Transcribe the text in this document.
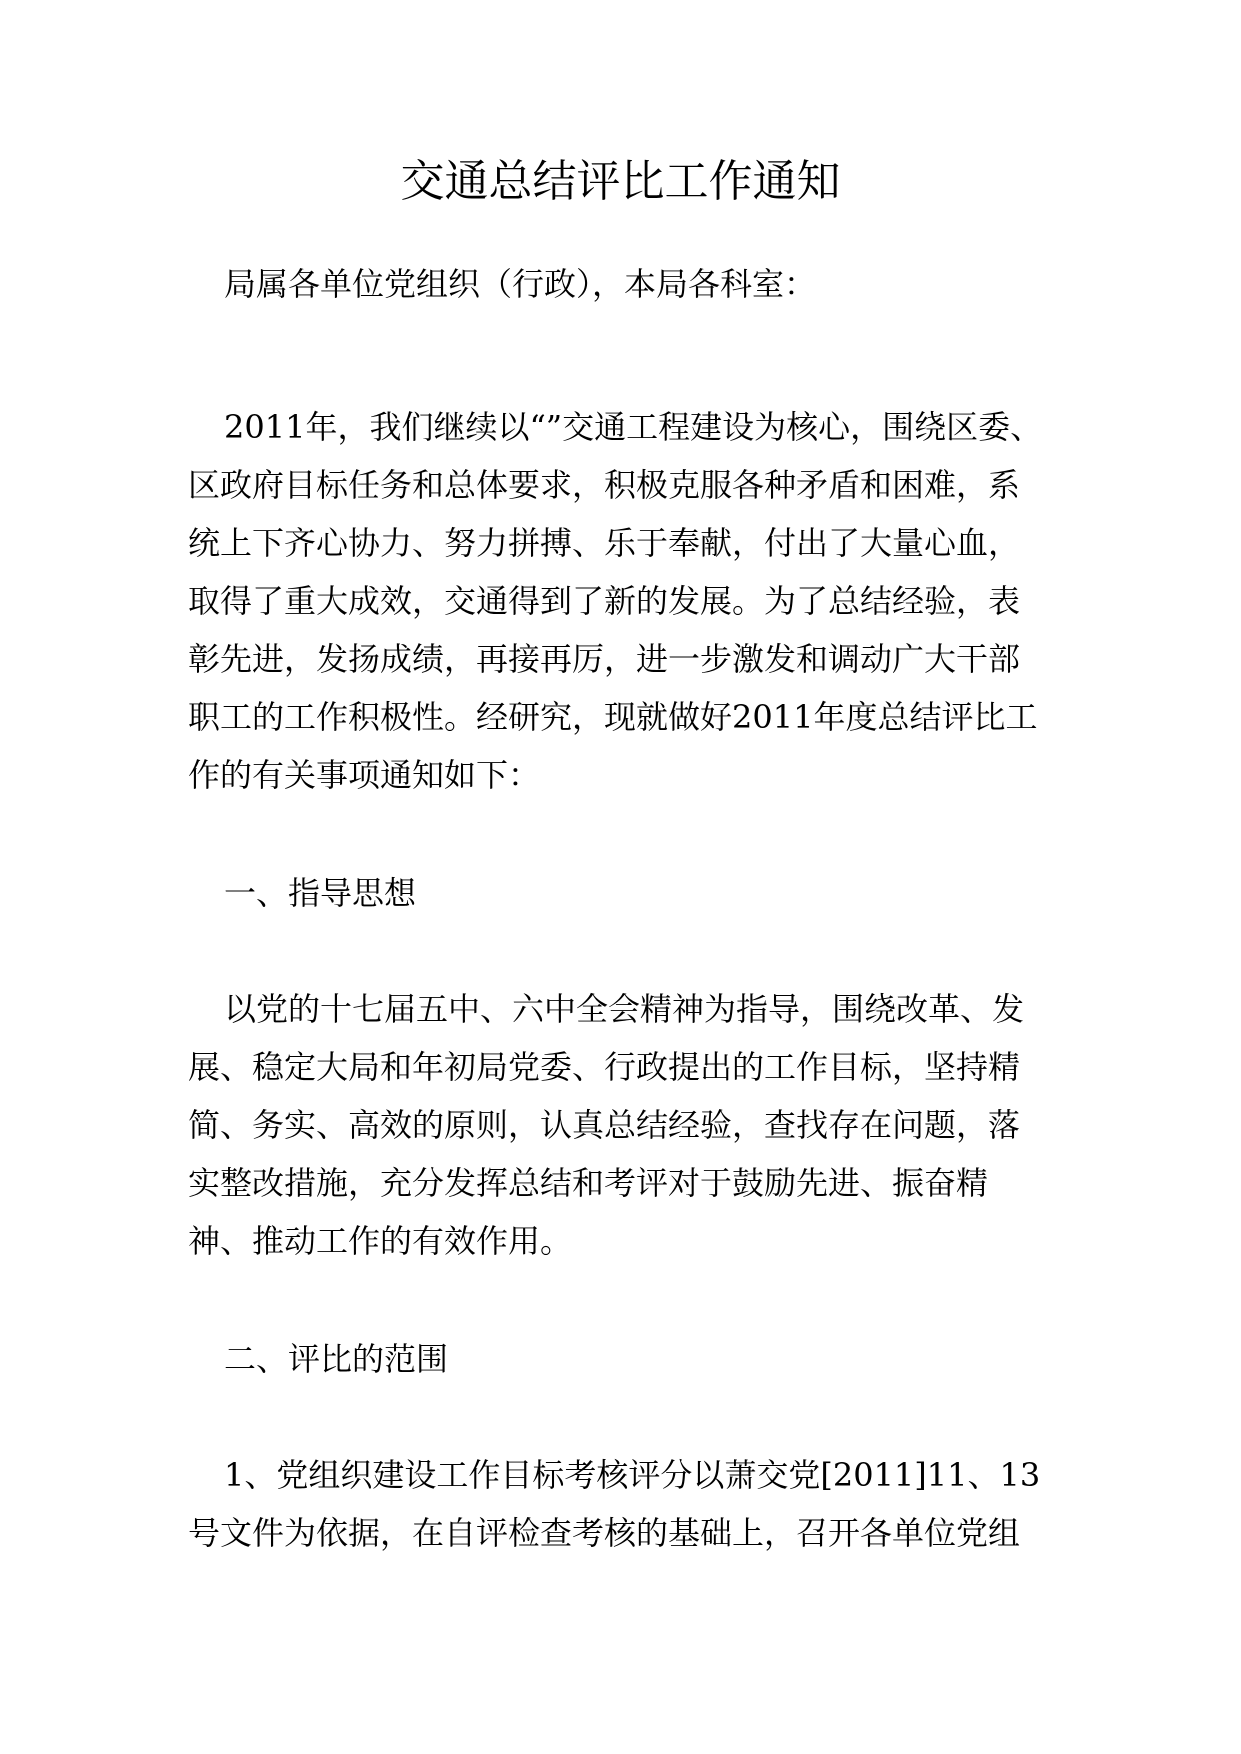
交通总结评比工作通知

局属各单位党组织（行政），本局各科室：

2011年，我们继续以“”交通工程建设为核心，围绕区委、区政府目标任务和总体要求，积极克服各种矛盾和困难，系统上下齐心协力、努力拼搏、乐于奉献，付出了大量心血，取得了重大成效，交通得到了新的发展。为了总结经验，表彰先进，发扬成绩，再接再厉，进一步激发和调动广大干部职工的工作积极性。经研究，现就做好2011年度总结评比工作的有关事项通知如下：

一、指导思想

以党的十七届五中、六中全会精神为指导，围绕改革、发展、稳定大局和年初局党委、行政提出的工作目标，坚持精简、务实、高效的原则，认真总结经验，查找存在问题，落实整改措施，充分发挥总结和考评对于鼓励先进、振奋精神、推动工作的有效作用。

二、评比的范围

1、党组织建设工作目标考核评分以萧交党[2011]11、13号文件为依据，在自评检查考核的基础上，召开各单位党组
